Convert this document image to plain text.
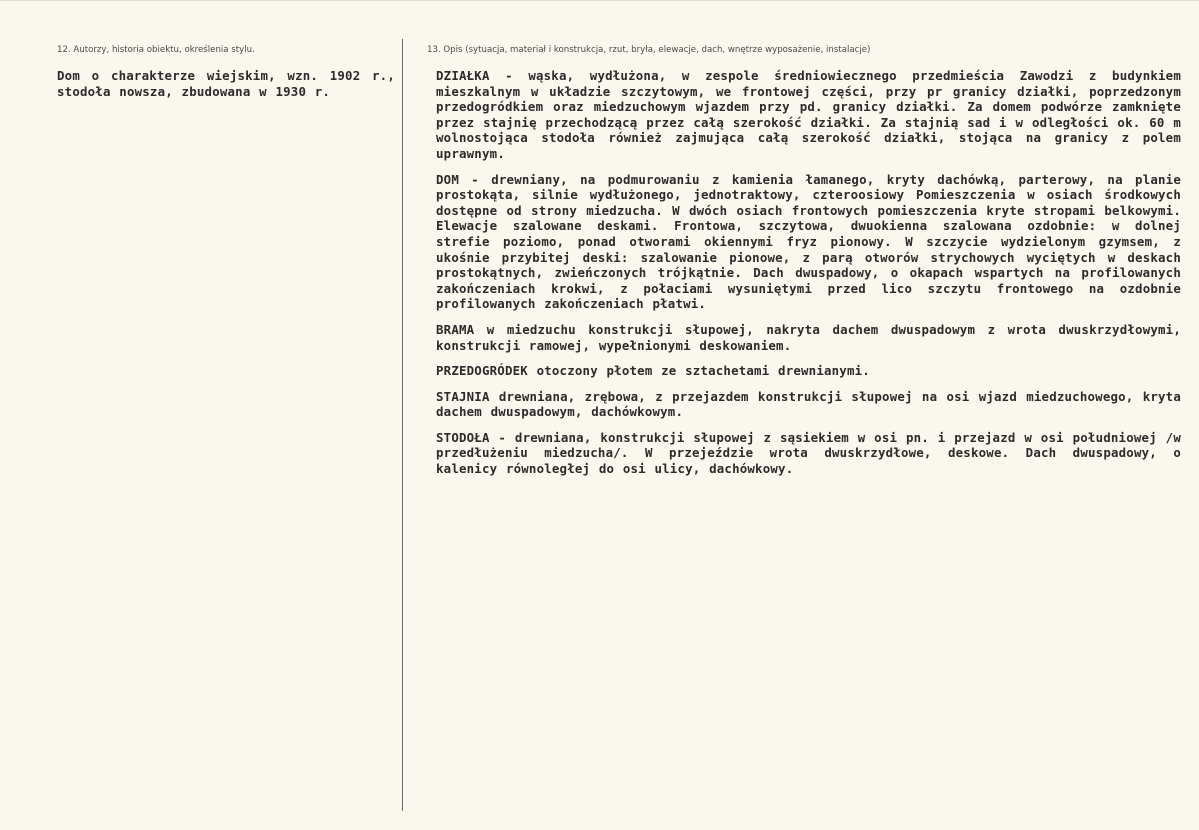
12. Autorzy, historia obiektu, określenia stylu.	13. Opis (sytuacja, materiał i konstrukcja, rzut, bryła, elewacje, dach, wnętrze wyposażenie, instalacje)

Dom o charakterze wiejskim, wzn. 1902 r., stodoła nowsza, zbudowana w 1930 r.

DZIAŁKA - wąska, wydłużona, w zespole średniowiecznego przedmieścia Zawodzi z budynkiem mieszkalnym w układzie szczytowym, we frontowej części, przy pr granicy działki, poprzedzonym przedogródkiem oraz miedzuchowym wjazdem przy pd. granicy działki. Za domem podwórze zamknięte przez stajnię przechodzącą przez całą szerokość działki. Za stajnią sad i w odległości ok. 60 m wolnostojąca stodoła również zajmująca całą szerokość działki, stojąca na granicy z polem uprawnym.

DOM - drewniany, na podmurowaniu z kamienia łamanego, kryty dachówką, parterowy, na planie prostokąta, silnie wydłużonego, jednotraktowy, czterоosiowy Pomieszczenia w osiach środkowych dostępne od strony miedzucha. W dwóch osiach frontowych pomieszczenia kryte stropami belkowymi. Elewacje szalowane deskami. Frontowa, szczytowa, dwuokienna szalowana ozdobnie: w dolnej strefie poziomo, ponad otworami okiennymi fryz pionowy. W szczycie wydzielonym gzymsem, z ukośnie przybitej deski: szalowanie pionowe, z parą otworów strychowych wyciętych w deskach prostokątnych, zwieńczonych trójkątnie. Dach dwuspadowy, o okapach wspartych na profilowanych zakończeniach krokwi, z połaciami wysuniętymi przed lico szczytu frontowego na ozdobnie profilowanych zakończeniach płatwi.

BRAMA w miedzuchu konstrukcji słupowej, nakryta dachem dwuspadowym z wrota dwuskrzydłowymi, konstrukcji ramowej, wypełnionymi deskowaniem.

PRZEDOGRÓDEK otoczony płotem ze sztachetami drewnianymi.

STAJNIA drewniana, zrębowa, z przejazdem konstrukcji słupowej na osi wjazd miedzuchowego, kryta dachem dwuspadowym, dachówkowym.

STODOŁA - drewniana, konstrukcji słupowej z sąsiekiem w osi pn. i przejazd w osi południowej /w przedłużeniu miedzucha/. W przejeździe wrota dwuskrzydłowe, deskowe. Dach dwuspadowy, o kalenicy równoległej do osi ulicy, dachówkowy.
